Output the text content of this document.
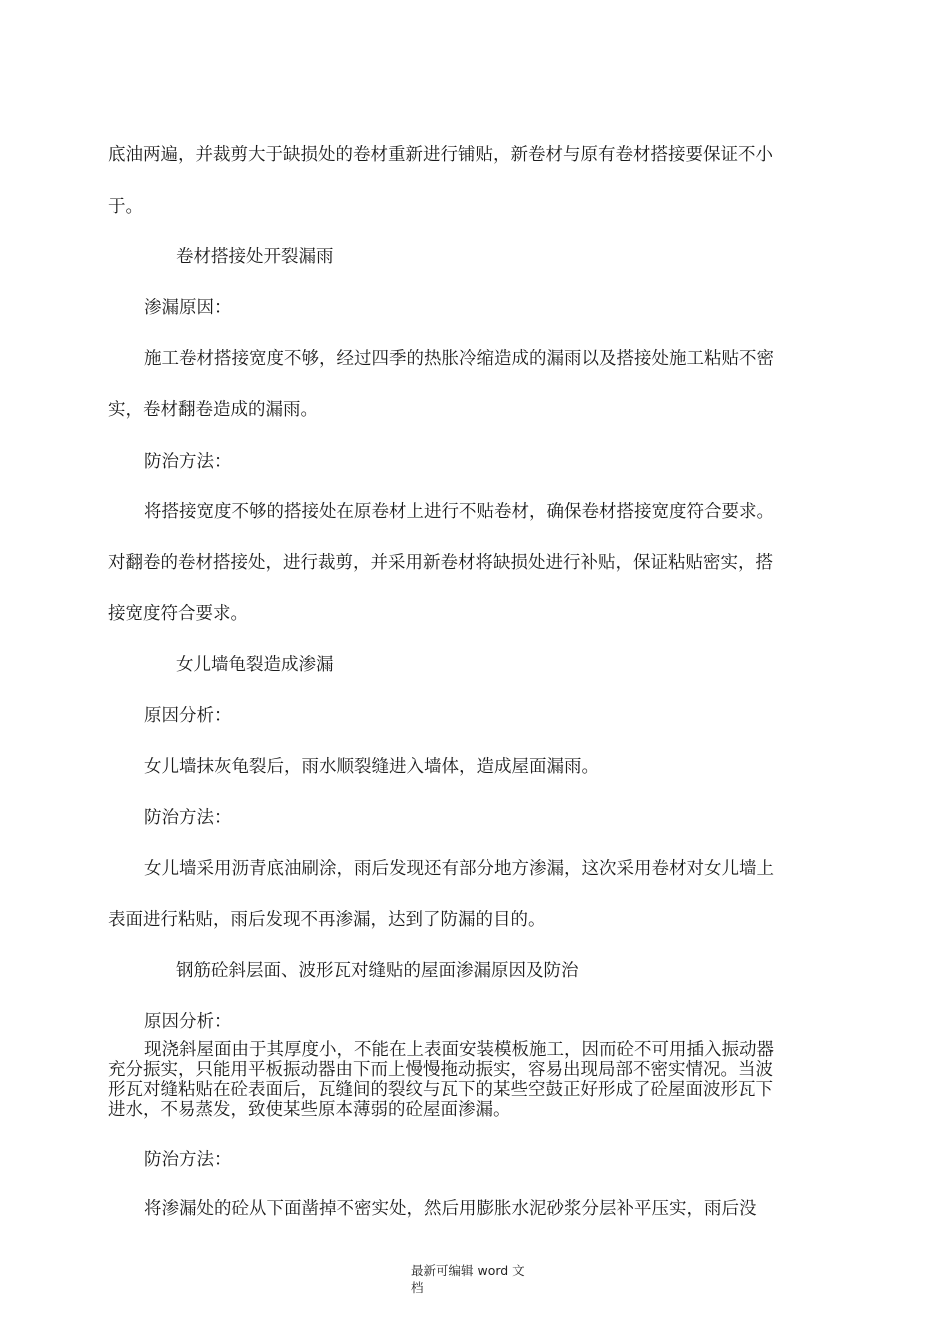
底油两遍，并裁剪大于缺损处的卷材重新进行铺贴，新卷材与原有卷材搭接要保证不小
于。
卷材搭接处开裂漏雨
渗漏原因：
施工卷材搭接宽度不够，经过四季的热胀冷缩造成的漏雨以及搭接处施工粘贴不密
实，卷材翻卷造成的漏雨。
防治方法：
将搭接宽度不够的搭接处在原卷材上进行不贴卷材，确保卷材搭接宽度符合要求。
对翻卷的卷材搭接处，进行裁剪，并采用新卷材将缺损处进行补贴，保证粘贴密实，搭
接宽度符合要求。
女儿墙龟裂造成渗漏
原因分析：
女儿墙抹灰龟裂后，雨水顺裂缝进入墙体，造成屋面漏雨。
防治方法：
女儿墙采用沥青底油刷涂，雨后发现还有部分地方渗漏，这次采用卷材对女儿墙上
表面进行粘贴，雨后发现不再渗漏，达到了防漏的目的。
钢筋砼斜层面、波形瓦对缝贴的屋面渗漏原因及防治
原因分析：
现浇斜屋面由于其厚度小，不能在上表面安装模板施工，因而砼不可用插入振动器
充分振实，只能用平板振动器由下而上慢慢拖动振实，容易出现局部不密实情况。当波
形瓦对缝粘贴在砼表面后，瓦缝间的裂纹与瓦下的某些空鼓正好形成了砼屋面波形瓦下
进水，不易蒸发，致使某些原本薄弱的砼屋面渗漏。
防治方法：
将渗漏处的砼从下面凿掉不密实处，然后用膨胀水泥砂浆分层补平压实，雨后没
最新可编辑 word 文
档
